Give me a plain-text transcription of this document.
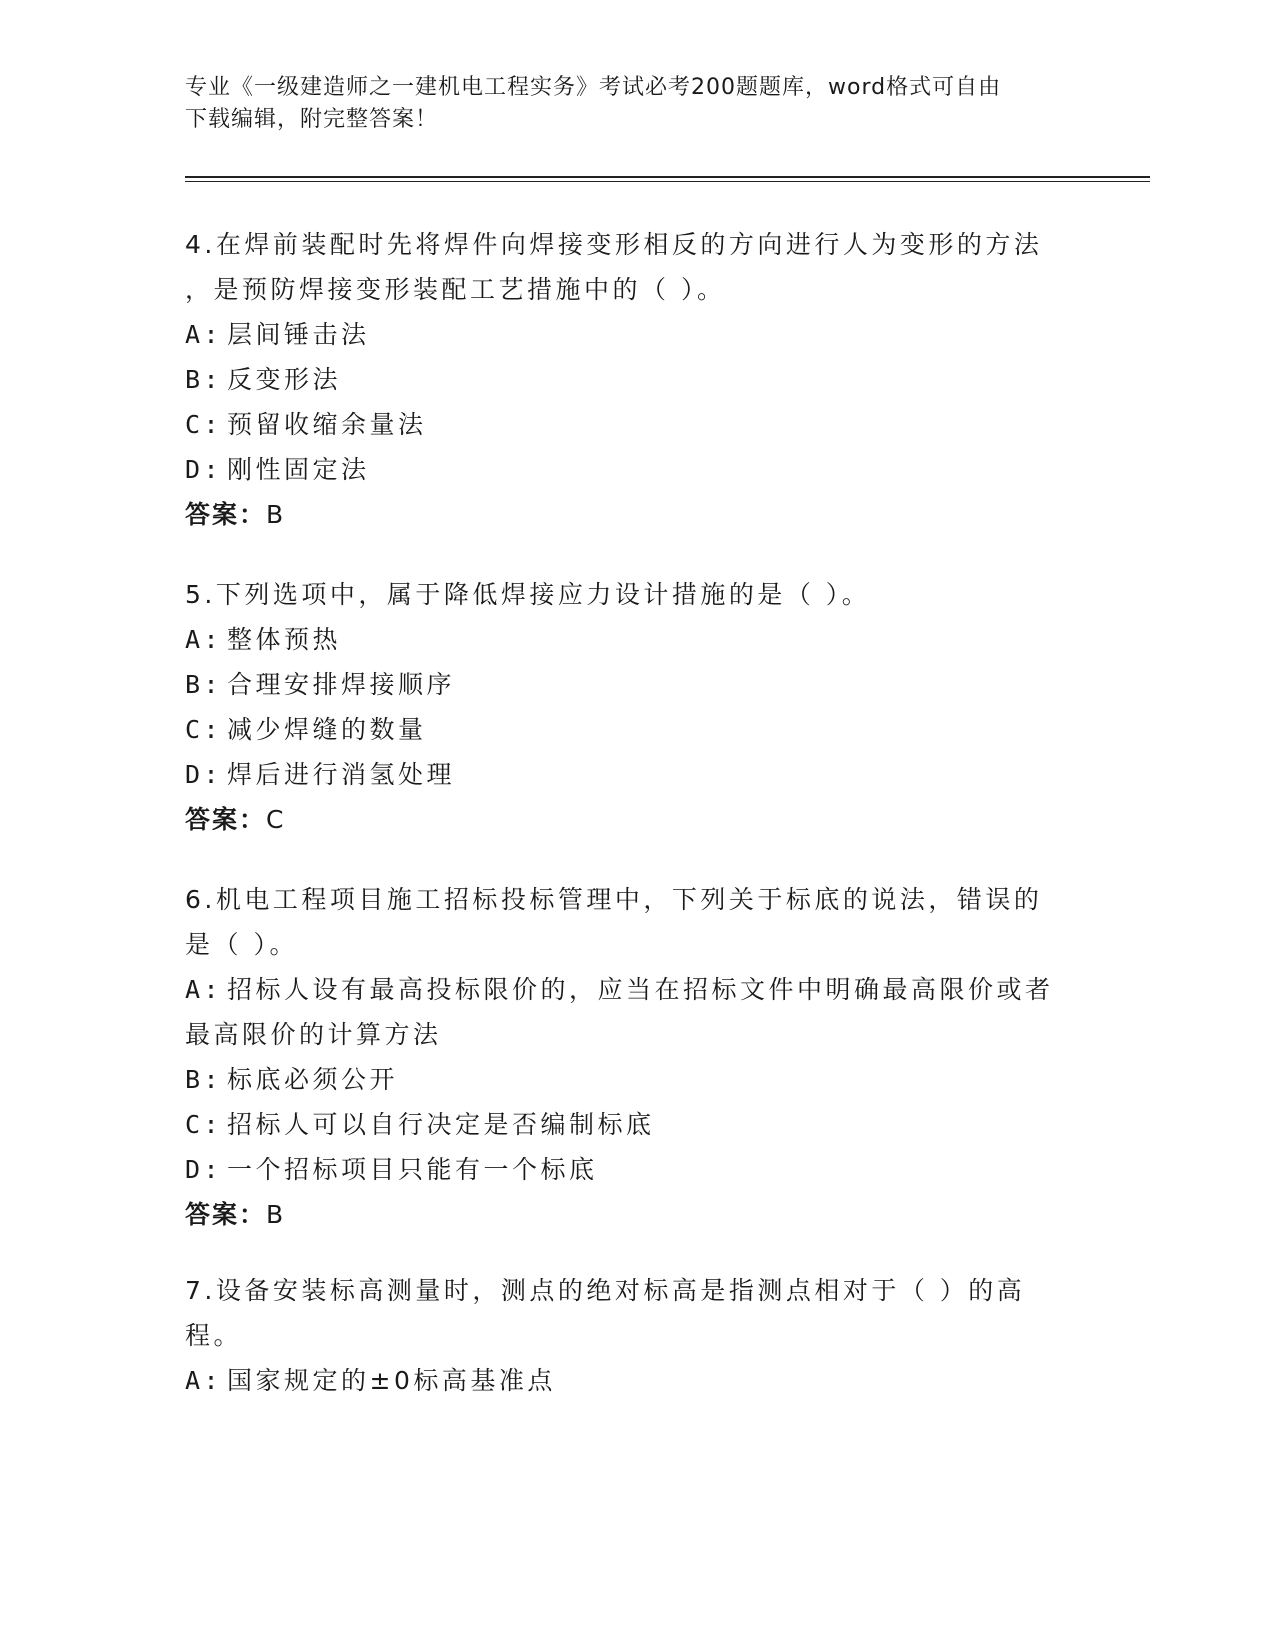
专业《一级建造师之一建机电工程实务》考试必考200题题库，word格式可自由
下载编辑，附完整答案！
4.在焊前装配时先将焊件向焊接变形相反的方向进行人为变形的方法
，是预防焊接变形装配工艺措施中的（ ）。
A: 层间锤击法
B: 反变形法
C: 预留收缩余量法
D: 刚性固定法
答案：B
5.下列选项中，属于降低焊接应力设计措施的是（ ）。
A: 整体预热
B: 合理安排焊接顺序
C: 减少焊缝的数量
D: 焊后进行消氢处理
答案：C
6.机电工程项目施工招标投标管理中，下列关于标底的说法，错误的
是（ ）。
A: 招标人设有最高投标限价的，应当在招标文件中明确最高限价或者
最高限价的计算方法
B: 标底必须公开
C: 招标人可以自行决定是否编制标底
D: 一个招标项目只能有一个标底
答案：B
7.设备安装标高测量时，测点的绝对标高是指测点相对于（ ）的高
程。
A: 国家规定的±0标高基准点
